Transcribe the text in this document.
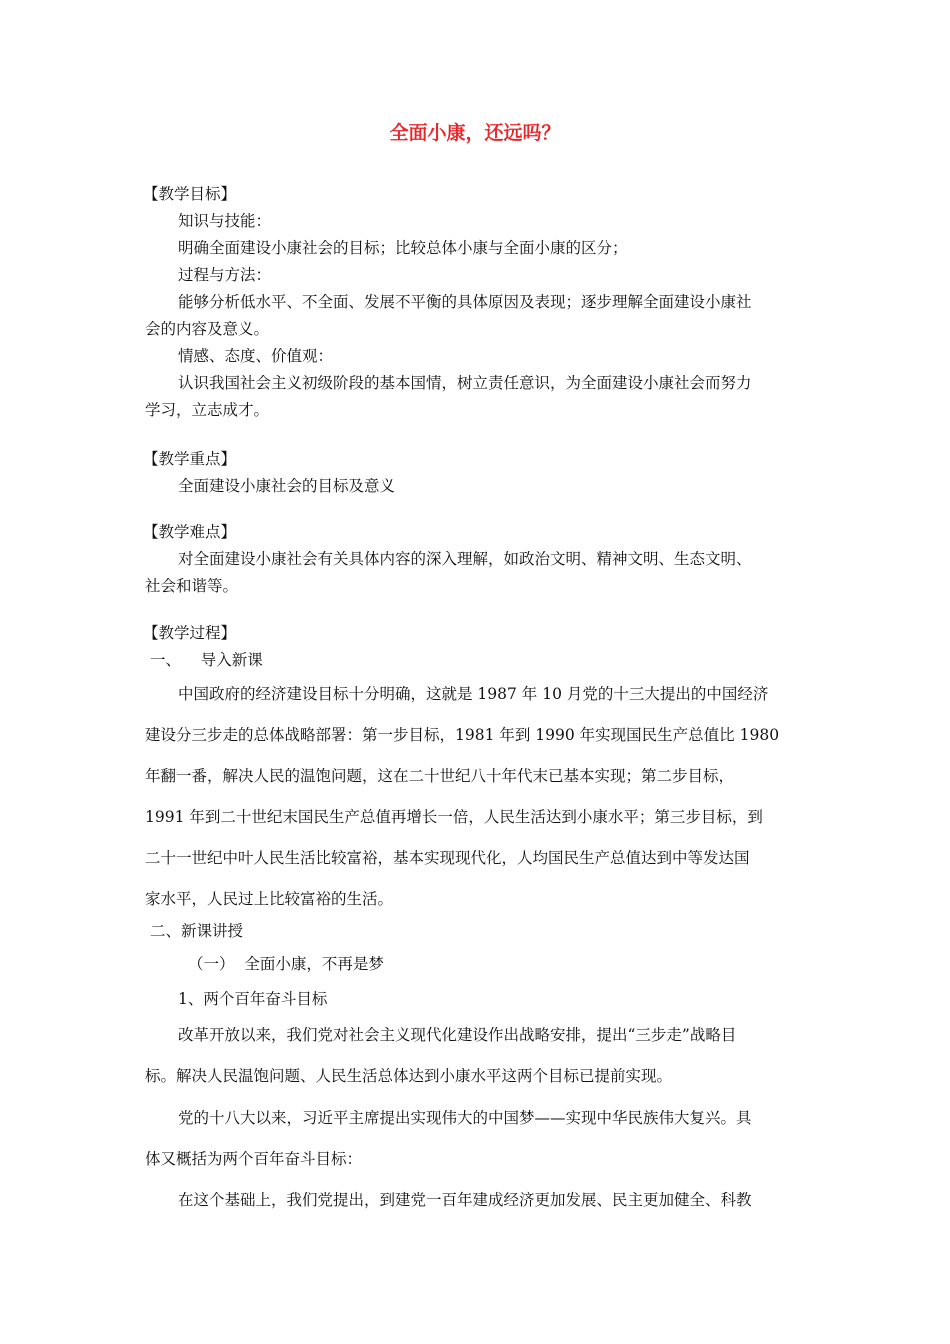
全面小康，还远吗？
【教学目标】
知识与技能：
明确全面建设小康社会的目标；比较总体小康与全面小康的区分；
过程与方法：
能够分析低水平、不全面、发展不平衡的具体原因及表现；逐步理解全面建设小康社
会的内容及意义。
情感、态度、价值观：
认识我国社会主义初级阶段的基本国情，树立责任意识，为全面建设小康社会而努力
学习，立志成才。
【教学重点】
全面建设小康社会的目标及意义
【教学难点】
对全面建设小康社会有关具体内容的深入理解，如政治文明、精神文明、生态文明、
社会和谐等。
【教学过程】
一、    导入新课
中国政府的经济建设目标十分明确，这就是 1987 年 10 月党的十三大提出的中国经济
建设分三步走的总体战略部署：第一步目标，1981 年到 1990 年实现国民生产总值比 1980
年翻一番，解决人民的温饱问题，这在二十世纪八十年代末已基本实现；第二步目标，
1991 年到二十世纪末国民生产总值再增长一倍，人民生活达到小康水平；第三步目标，到
二十一世纪中叶人民生活比较富裕，基本实现现代化，人均国民生产总值达到中等发达国
家水平，人民过上比较富裕的生活。
二、新课讲授
（一）  全面小康，不再是梦
1、两个百年奋斗目标
改革开放以来，我们党对社会主义现代化建设作出战略安排，提出“三步走”战略目
标。解决人民温饱问题、人民生活总体达到小康水平这两个目标已提前实现。
党的十八大以来，习近平主席提出实现伟大的中国梦——实现中华民族伟大复兴。具
体又概括为两个百年奋斗目标：
在这个基础上，我们党提出，到建党一百年建成经济更加发展、民主更加健全、科教
